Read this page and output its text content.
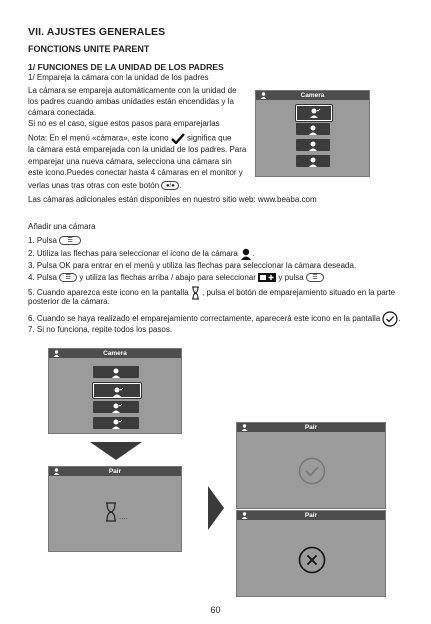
VII. AJUSTES GENERALES
FONCTIONS UNITE PARENT
1/ FUNCIONES DE LA UNIDAD DE LOS PADRES
1/ Empareja la cámara con la unidad de los padres
La cámara se empareja automáticamente con la unidad de
los padres cuando ambas unidades están encendidas y la
cámara conectada.
Si no es el caso, sigue estos pasos para emparejarlas
Nota: En el menú «cámara», este icono significa que
la cámara está emparejada con la unidad de los padres. Para
emparejar una nueva cámara, selecciona una cámara sin
este icono.Puedes conectar hasta 4 cámaras en el monitor y
verlas unas tras otras con este botón ●/● .
Las cámaras adicionales están disponibles en nuestro sitio web: www.beaba.com
Camera
Añadir una cámara
1. Pulsa ☰
2. Utiliza las flechas para seleccionar el icono de la cámara .
3. Pulsa OK para entrar en el menú y utiliza las flechas para seleccionar la cámara deseada.
4. Pulsa ☰ y utiliza las flechas arriba / abajo para seleccionar	y pulsa ☰
5. Cuando aparezca este icono en la pantalla , pulsa el botón de emparejamiento situado en la parte
posterior de la cámara.
6. Cuando se haya realizado el emparejamiento correctamente, aparecerá este icono en la pantalla .
7. Si no funciona, repite todos los pasos.
Camera
Pair
....
Pair
Pair
60
